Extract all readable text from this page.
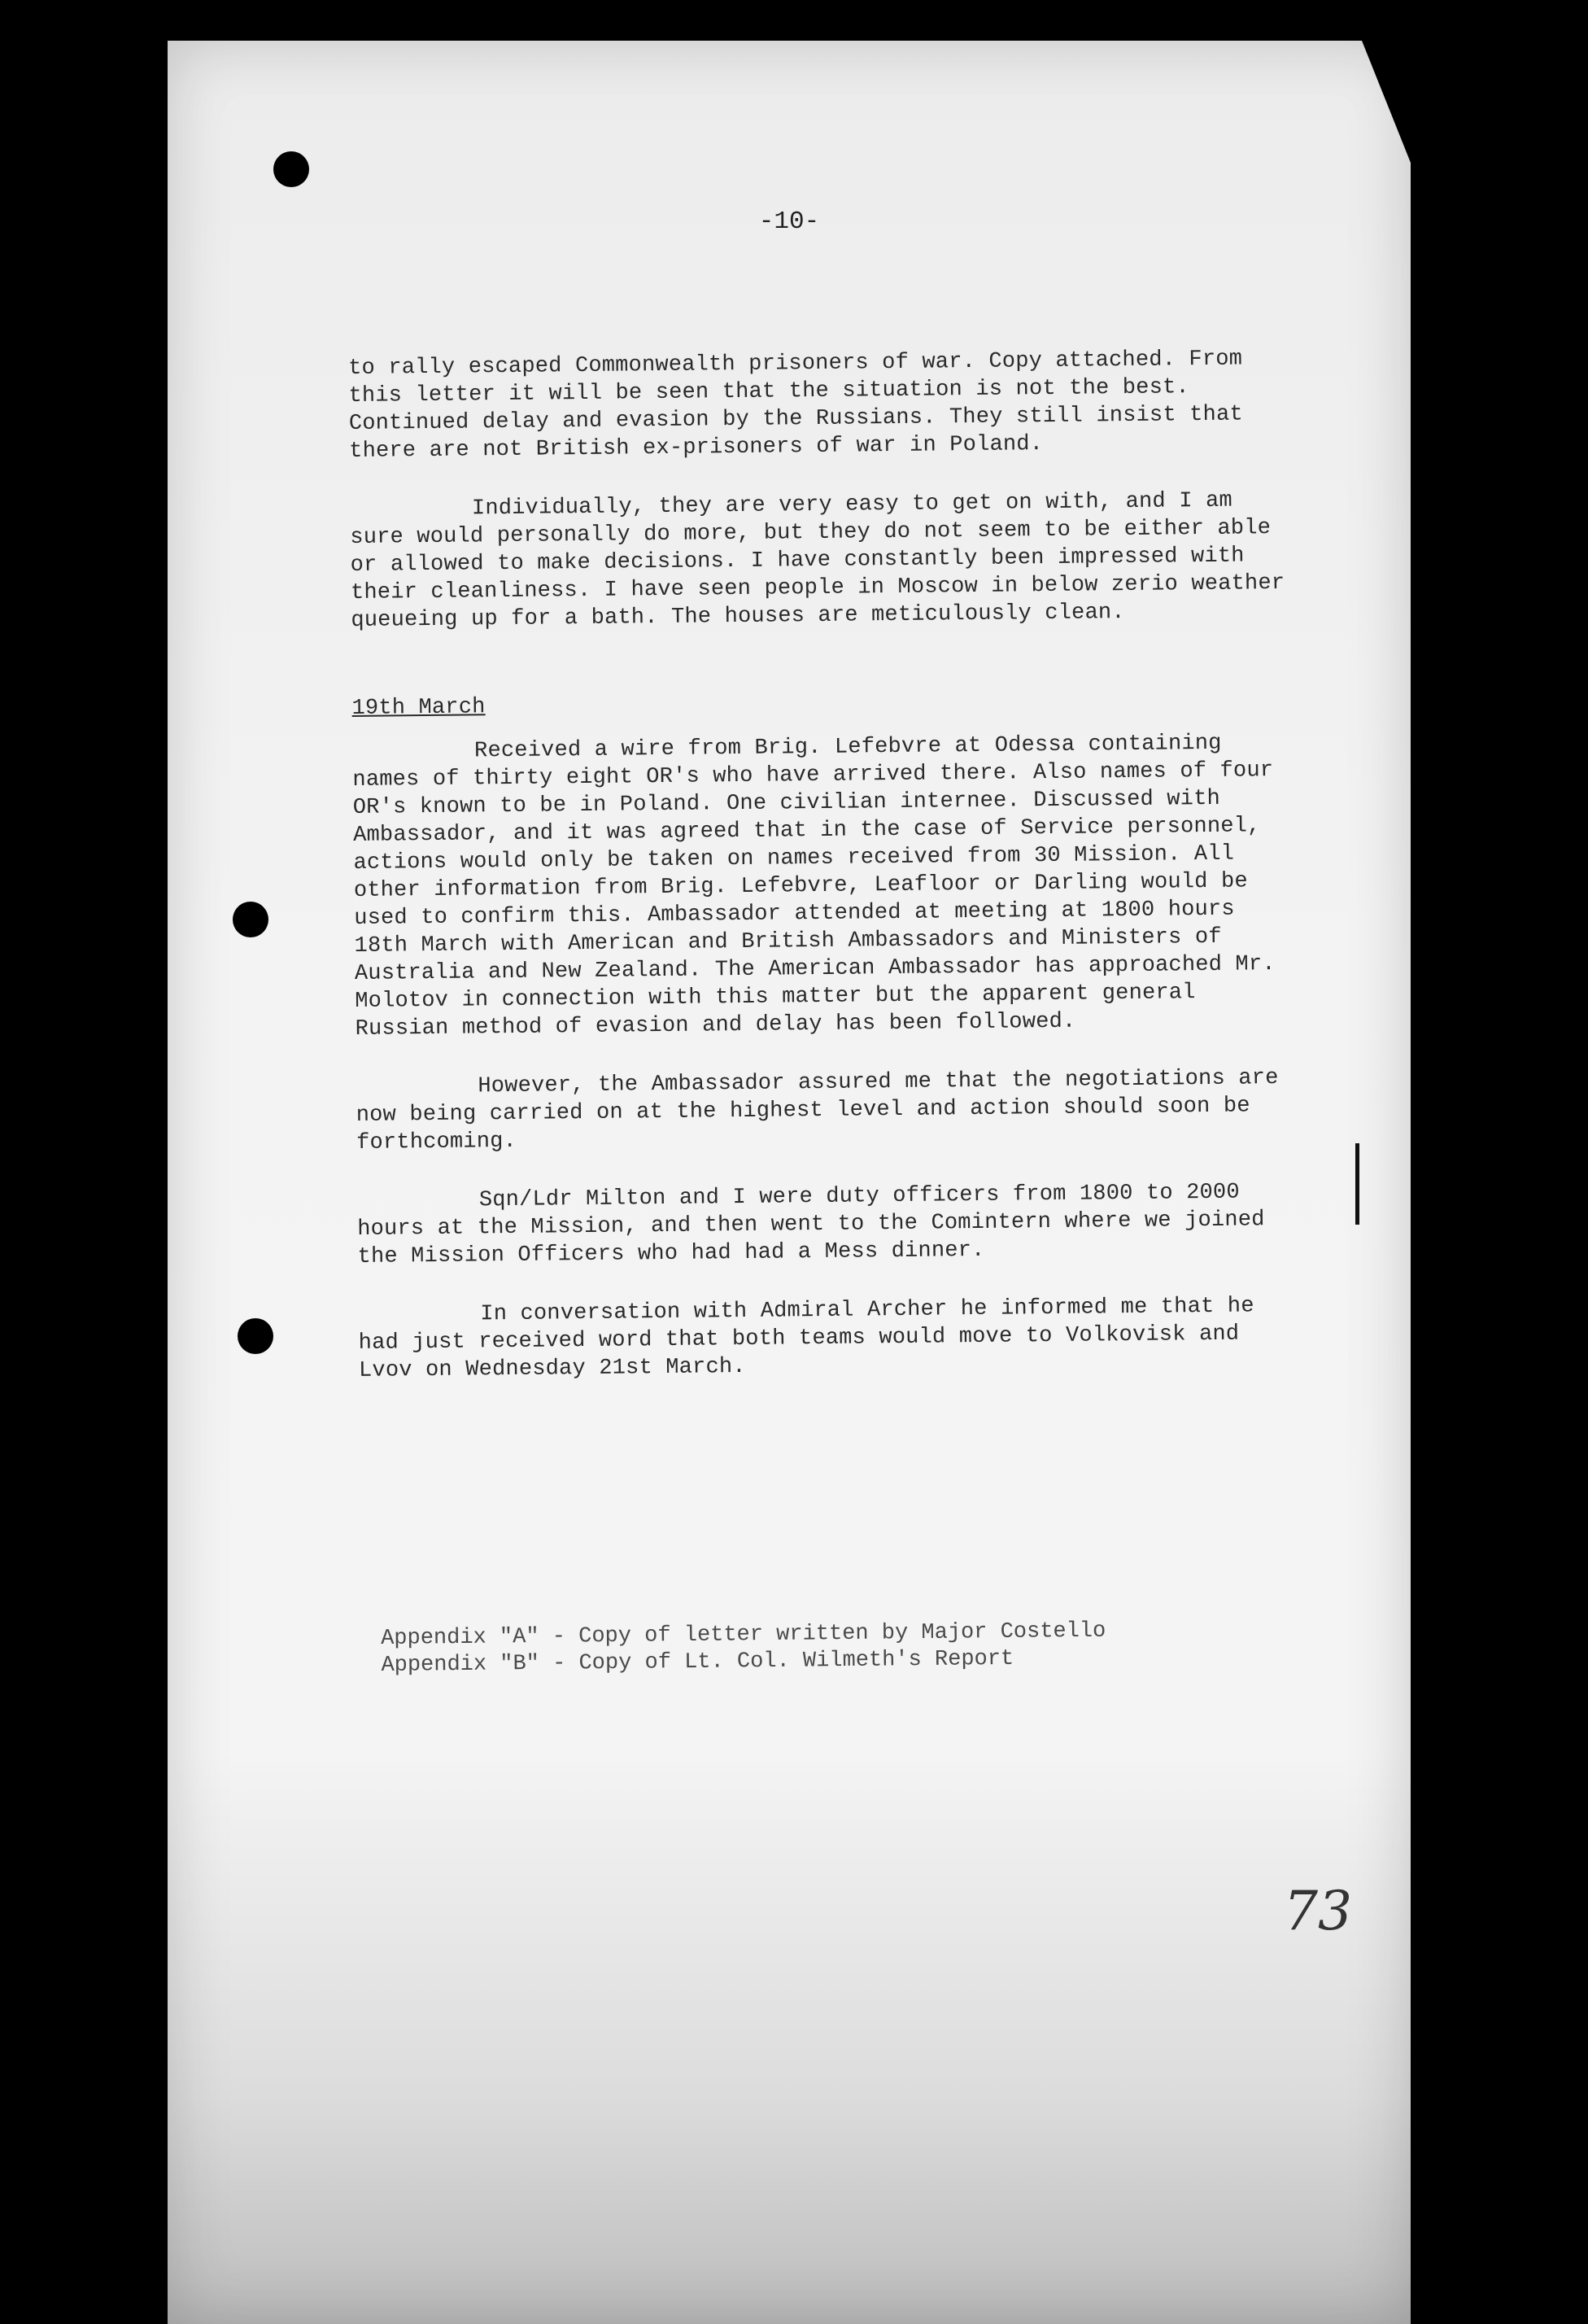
-10-

to rally escaped Commonwealth prisoners of war. Copy attached. From this letter it will be seen that the situation is not the best. Continued delay and evasion by the Russians. They still insist that there are not British ex-prisoners of war in Poland.

Individually, they are very easy to get on with, and I am sure would personally do more, but they do not seem to be either able or allowed to make decisions. I have constantly been impressed with their cleanliness. I have seen people in Moscow in below zerio weather queueing up for a bath. The houses are meticulously clean.

19th March

Received a wire from Brig. Lefebvre at Odessa containing names of thirty eight OR's who have arrived there. Also names of four OR's known to be in Poland. One civilian internee. Discussed with Ambassador, and it was agreed that in the case of Service personnel, actions would only be taken on names received from 30 Mission. All other information from Brig. Lefebvre, Leafloor or Darling would be used to confirm this. Ambassador attended at meeting at 1800 hours 18th March with American and British Ambassadors and Ministers of Australia and New Zealand. The American Ambassador has approached Mr. Molotov in connection with this matter but the apparent general Russian method of evasion and delay has been followed.

However, the Ambassador assured me that the negotiations are now being carried on at the highest level and action should soon be forthcoming.

Sqn/Ldr Milton and I were duty officers from 1800 to 2000 hours at the Mission, and then went to the Comintern where we joined the Mission Officers who had had a Mess dinner.

In conversation with Admiral Archer he informed me that he had just received word that both teams would move to Volkovisk and Lvov on Wednesday 21st March.

Appendix "A" - Copy of letter written by Major Costello
Appendix "B" - Copy of Lt. Col. Wilmeth's Report
73
